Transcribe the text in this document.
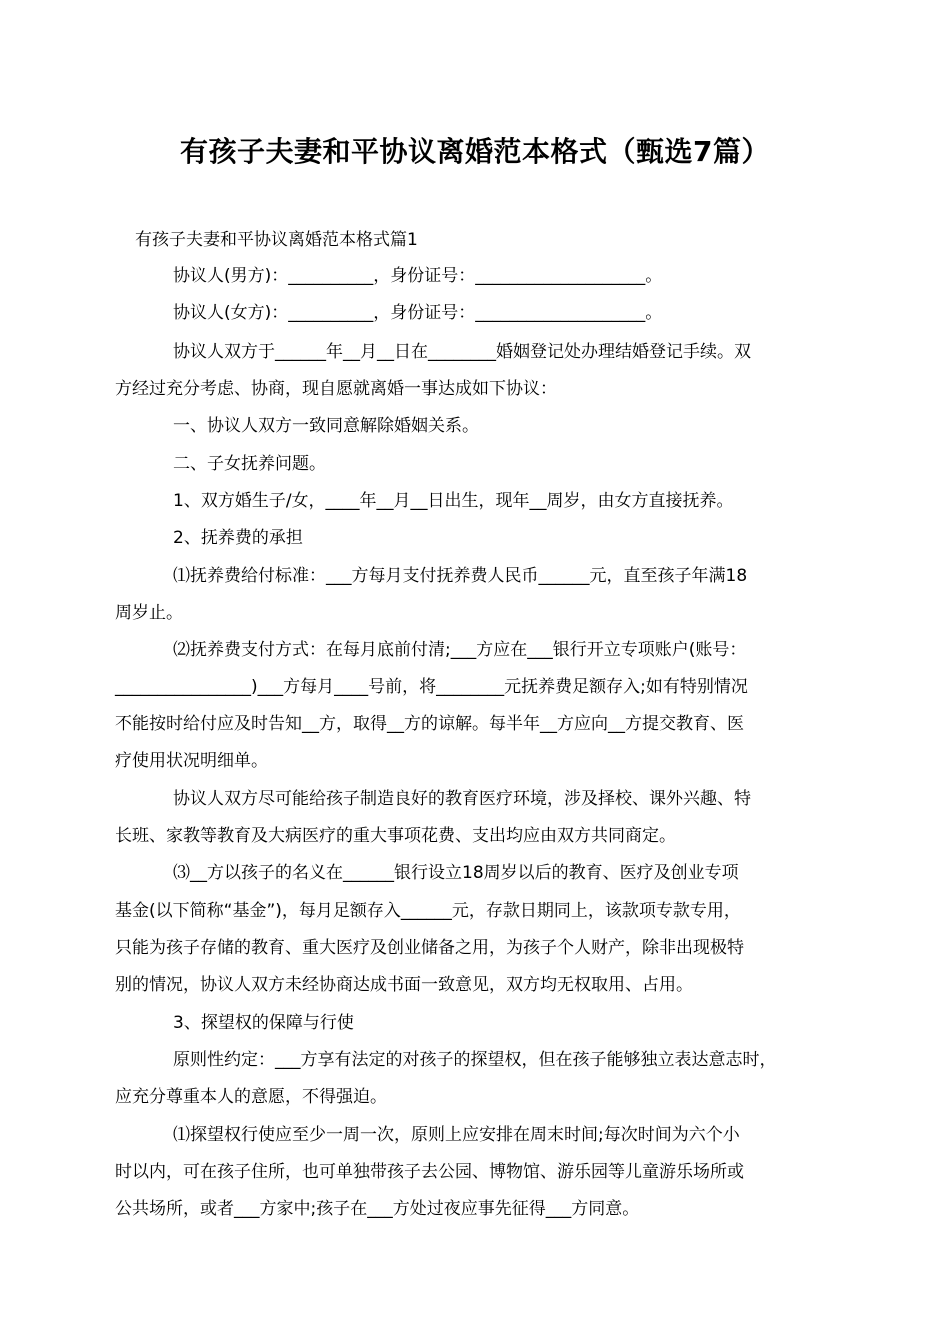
有孩子夫妻和平协议离婚范本格式（甄选7篇）
有孩子夫妻和平协议离婚范本格式篇1
协议人(男方)：__________，身份证号：____________________。
协议人(女方)：__________，身份证号：____________________。
协议人双方于______年__月__日在________婚姻登记处办理结婚登记手续。双
方经过充分考虑、协商，现自愿就离婚一事达成如下协议：
一、协议人双方一致同意解除婚姻关系。
二、子女抚养问题。
1、双方婚生子/女，____年__月__日出生，现年__周岁，由女方直接抚养。
2、抚养费的承担
⑴抚养费给付标准：___方每月支付抚养费人民币______元，直至孩子年满18
周岁止。
⑵抚养费支付方式：在每月底前付清;___方应在___银行开立专项账户(账号：
________________)___方每月____号前，将________元抚养费足额存入;如有特别情况
不能按时给付应及时告知__方，取得__方的谅解。每半年__方应向__方提交教育、医
疗使用状况明细单。
协议人双方尽可能给孩子制造良好的教育医疗环境，涉及择校、课外兴趣、特
长班、家教等教育及大病医疗的重大事项花费、支出均应由双方共同商定。
⑶__方以孩子的名义在______银行设立18周岁以后的教育、医疗及创业专项
基金(以下简称“基金”)，每月足额存入______元，存款日期同上，该款项专款专用，
只能为孩子存储的教育、重大医疗及创业储备之用，为孩子个人财产，除非出现极特
别的情况，协议人双方未经协商达成书面一致意见，双方均无权取用、占用。
3、探望权的保障与行使
原则性约定：___方享有法定的对孩子的探望权，但在孩子能够独立表达意志时，
应充分尊重本人的意愿，不得强迫。
⑴探望权行使应至少一周一次，原则上应安排在周末时间;每次时间为六个小
时以内，可在孩子住所，也可单独带孩子去公园、博物馆、游乐园等儿童游乐场所或
公共场所，或者___方家中;孩子在___方处过夜应事先征得___方同意。
